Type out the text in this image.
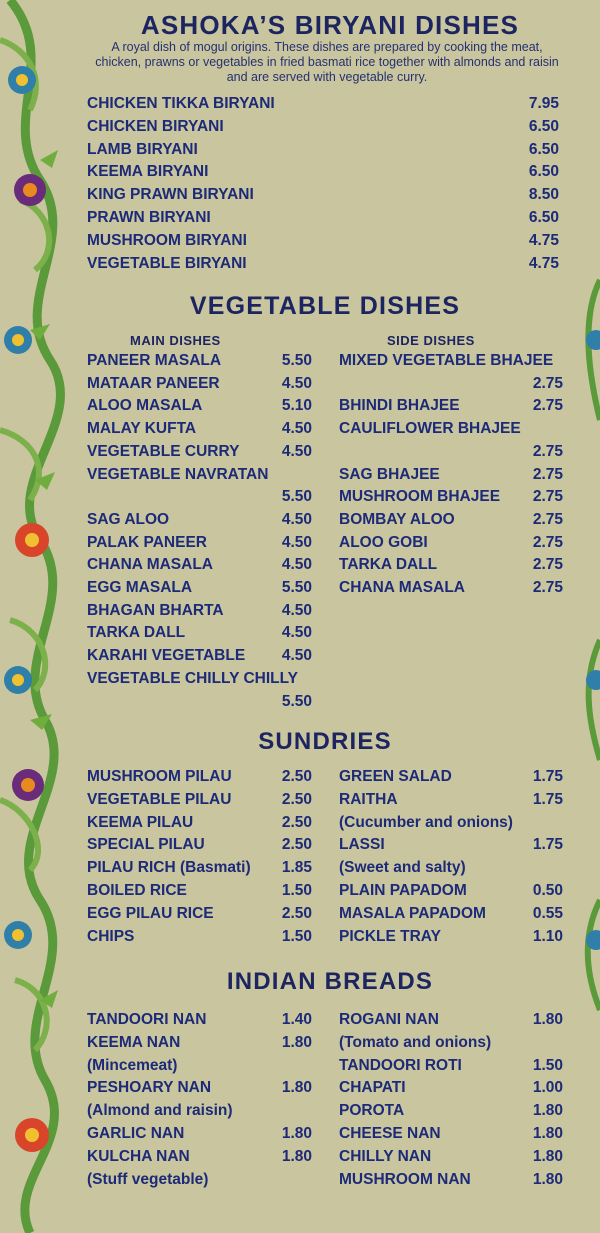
ASHOKA’S BIRYANI DISHES
A royal dish of mogul origins. These dishes are prepared by cooking the meat, chicken, prawns or vegetables in fried basmati rice together with almonds and raisin and are served with vegetable curry.
CHICKEN TIKKA BIRYANI	7.95
CHICKEN BIRYANI	6.50
LAMB BIRYANI	6.50
KEEMA BIRYANI	6.50
KING PRAWN BIRYANI	8.50
PRAWN BIRYANI	6.50
MUSHROOM BIRYANI	4.75
VEGETABLE BIRYANI	4.75
VEGETABLE DISHES
MAIN DISHES	SIDE DISHES
PANEER MASALA	5.50
MATAAR PANEER	4.50
ALOO MASALA	5.10
MALAY KUFTA	4.50
VEGETABLE CURRY	4.50
VEGETABLE NAVRATAN
5.50
SAG ALOO	4.50
PALAK PANEER	4.50
CHANA MASALA	4.50
EGG MASALA	5.50
BHAGAN BHARTA	4.50
TARKA DALL	4.50
KARAHI VEGETABLE 4.50
VEGETABLE CHILLY CHILLY
5.50
MIXED VEGETABLE BHAJEE
2.75
BHINDI BHAJEE	2.75
CAULIFLOWER BHAJEE
2.75
SAG BHAJEE	2.75
MUSHROOM BHAJEE 2.75
BOMBAY ALOO	2.75
ALOO GOBI	2.75
TARKA DALL	2.75
CHANA MASALA	2.75
SUNDRIES
MUSHROOM PILAU	2.50
VEGETABLE PILAU	2.50
KEEMA PILAU	2.50
SPECIAL PILAU	2.50
PILAU RICH (Basmati) 1.85
BOILED RICE	1.50
EGG PILAU RICE	2.50
CHIPS	1.50
GREEN SALAD	1.75
RAITHA	1.75
(Cucumber and onions)
LASSI	1.75
(Sweet and salty)
PLAIN PAPADOM	0.50
MASALA PAPADOM	0.55
PICKLE TRAY	1.10
INDIAN BREADS
TANDOORI NAN	1.40
KEEMA NAN	1.80
(Mincemeat)
PESHOARY NAN	1.80
(Almond and raisin)
GARLIC NAN	1.80
KULCHA NAN	1.80
(Stuff vegetable)
ROGANI NAN	1.80
(Tomato and onions)
TANDOORI ROTI	1.50
CHAPATI	1.00
POROTA	1.80
CHEESE NAN	1.80
CHILLY NAN	1.80
MUSHROOM NAN	1.80
